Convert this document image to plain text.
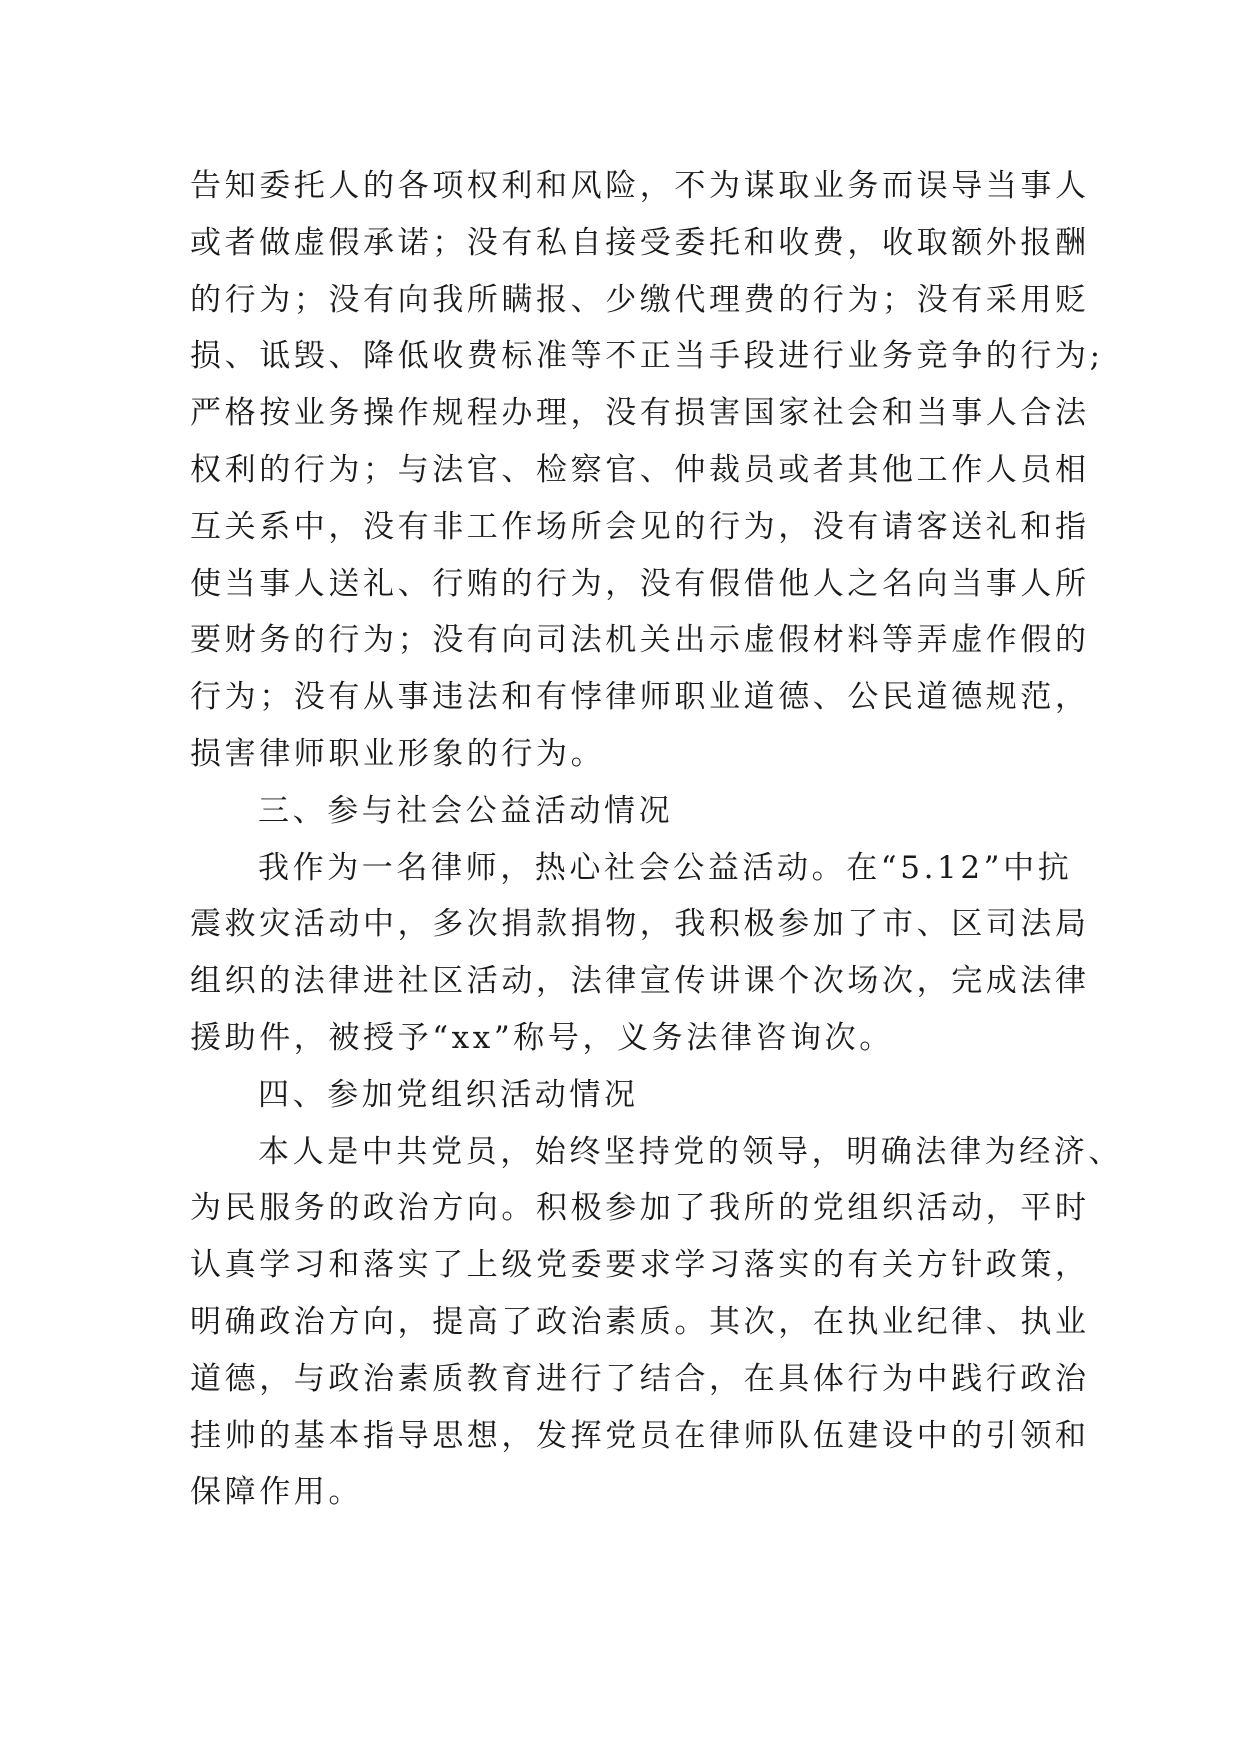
告知委托人的各项权利和风险，不为谋取业务而误导当事人
或者做虚假承诺；没有私自接受委托和收费，收取额外报酬
的行为；没有向我所瞒报、少缴代理费的行为；没有采用贬
损、诋毁、降低收费标准等不正当手段进行业务竞争的行为;
严格按业务操作规程办理，没有损害国家社会和当事人合法
权利的行为；与法官、检察官、仲裁员或者其他工作人员相
互关系中，没有非工作场所会见的行为，没有请客送礼和指
使当事人送礼、行贿的行为，没有假借他人之名向当事人所
要财务的行为；没有向司法机关出示虚假材料等弄虚作假的
行为；没有从事违法和有悖律师职业道德、公民道德规范，
损害律师职业形象的行为。
三、参与社会公益活动情况
我作为一名律师，热心社会公益活动。在“5.12”中抗
震救灾活动中，多次捐款捐物，我积极参加了市、区司法局
组织的法律进社区活动，法律宣传讲课个次场次，完成法律
援助件，被授予“xx”称号，义务法律咨询次。
四、参加党组织活动情况
本人是中共党员，始终坚持党的领导，明确法律为经济、
为民服务的政治方向。积极参加了我所的党组织活动，平时
认真学习和落实了上级党委要求学习落实的有关方针政策，
明确政治方向，提高了政治素质。其次，在执业纪律、执业
道德，与政治素质教育进行了结合，在具体行为中践行政治
挂帅的基本指导思想，发挥党员在律师队伍建设中的引领和
保障作用。
